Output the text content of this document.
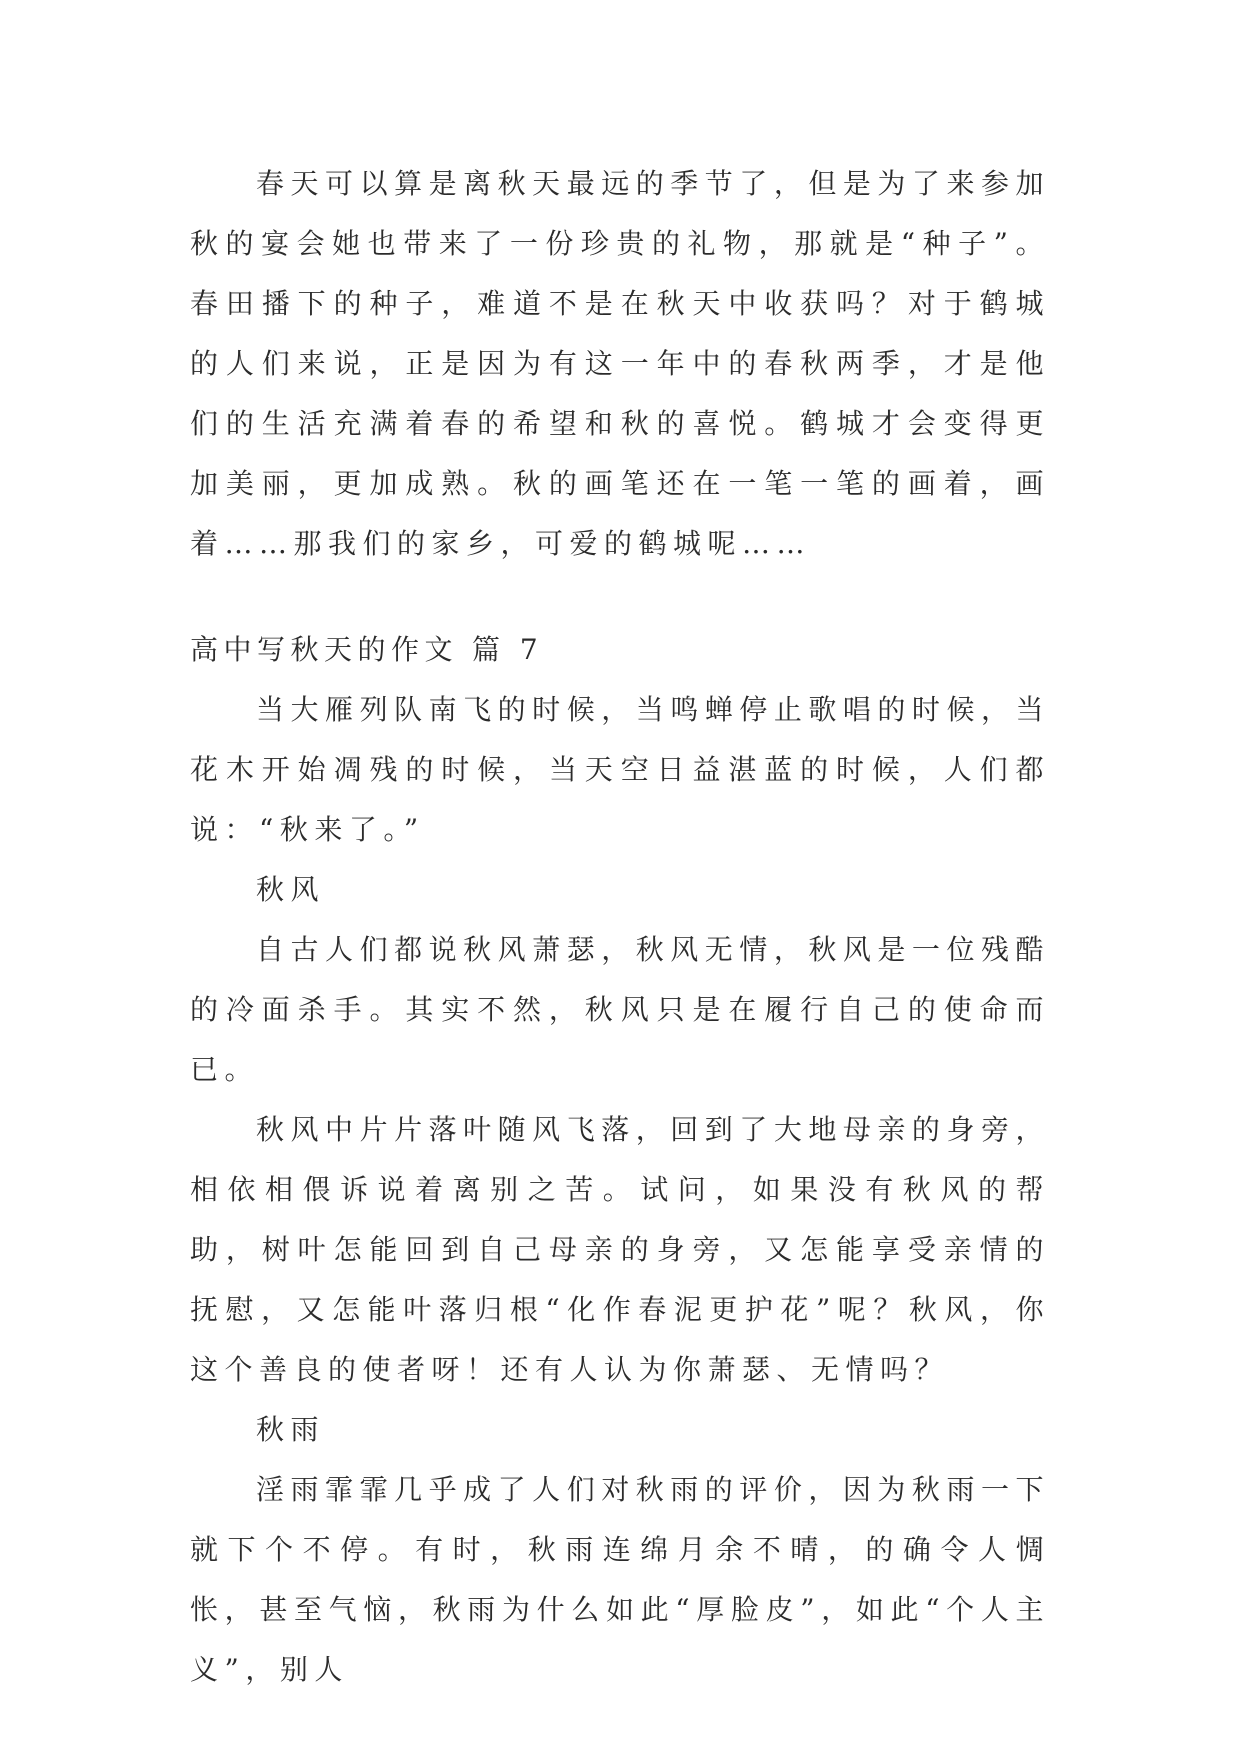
春天可以算是离秋天最远的季节了，但是为了来参加秋的宴会她也带来了一份珍贵的礼物，那就是“种子”。春田播下的种子，难道不是在秋天中收获吗？对于鹤城的人们来说，正是因为有这一年中的春秋两季，才是他们的生活充满着春的希望和秋的喜悦。鹤城才会变得更加美丽，更加成熟。秋的画笔还在一笔一笔的画着，画着……那我们的家乡，可爱的鹤城呢……

高中写秋天的作文 篇 7

当大雁列队南飞的时候，当鸣蝉停止歌唱的时候，当花木开始凋残的时候，当天空日益湛蓝的时候，人们都说：“秋来了。”

秋风

自古人们都说秋风萧瑟，秋风无情，秋风是一位残酷的冷面杀手。其实不然，秋风只是在履行自己的使命而已。

秋风中片片落叶随风飞落，回到了大地母亲的身旁，相依相偎诉说着离别之苦。试问，如果没有秋风的帮助，树叶怎能回到自己母亲的身旁，又怎能享受亲情的抚慰，又怎能叶落归根“化作春泥更护花”呢？秋风，你这个善良的使者呀！还有人认为你萧瑟、无情吗？

秋雨

淫雨霏霏几乎成了人们对秋雨的评价，因为秋雨一下就下个不停。有时，秋雨连绵月余不晴，的确令人惆怅，甚至气恼，秋雨为什么如此“厚脸皮”，如此“个人主义”，别人
